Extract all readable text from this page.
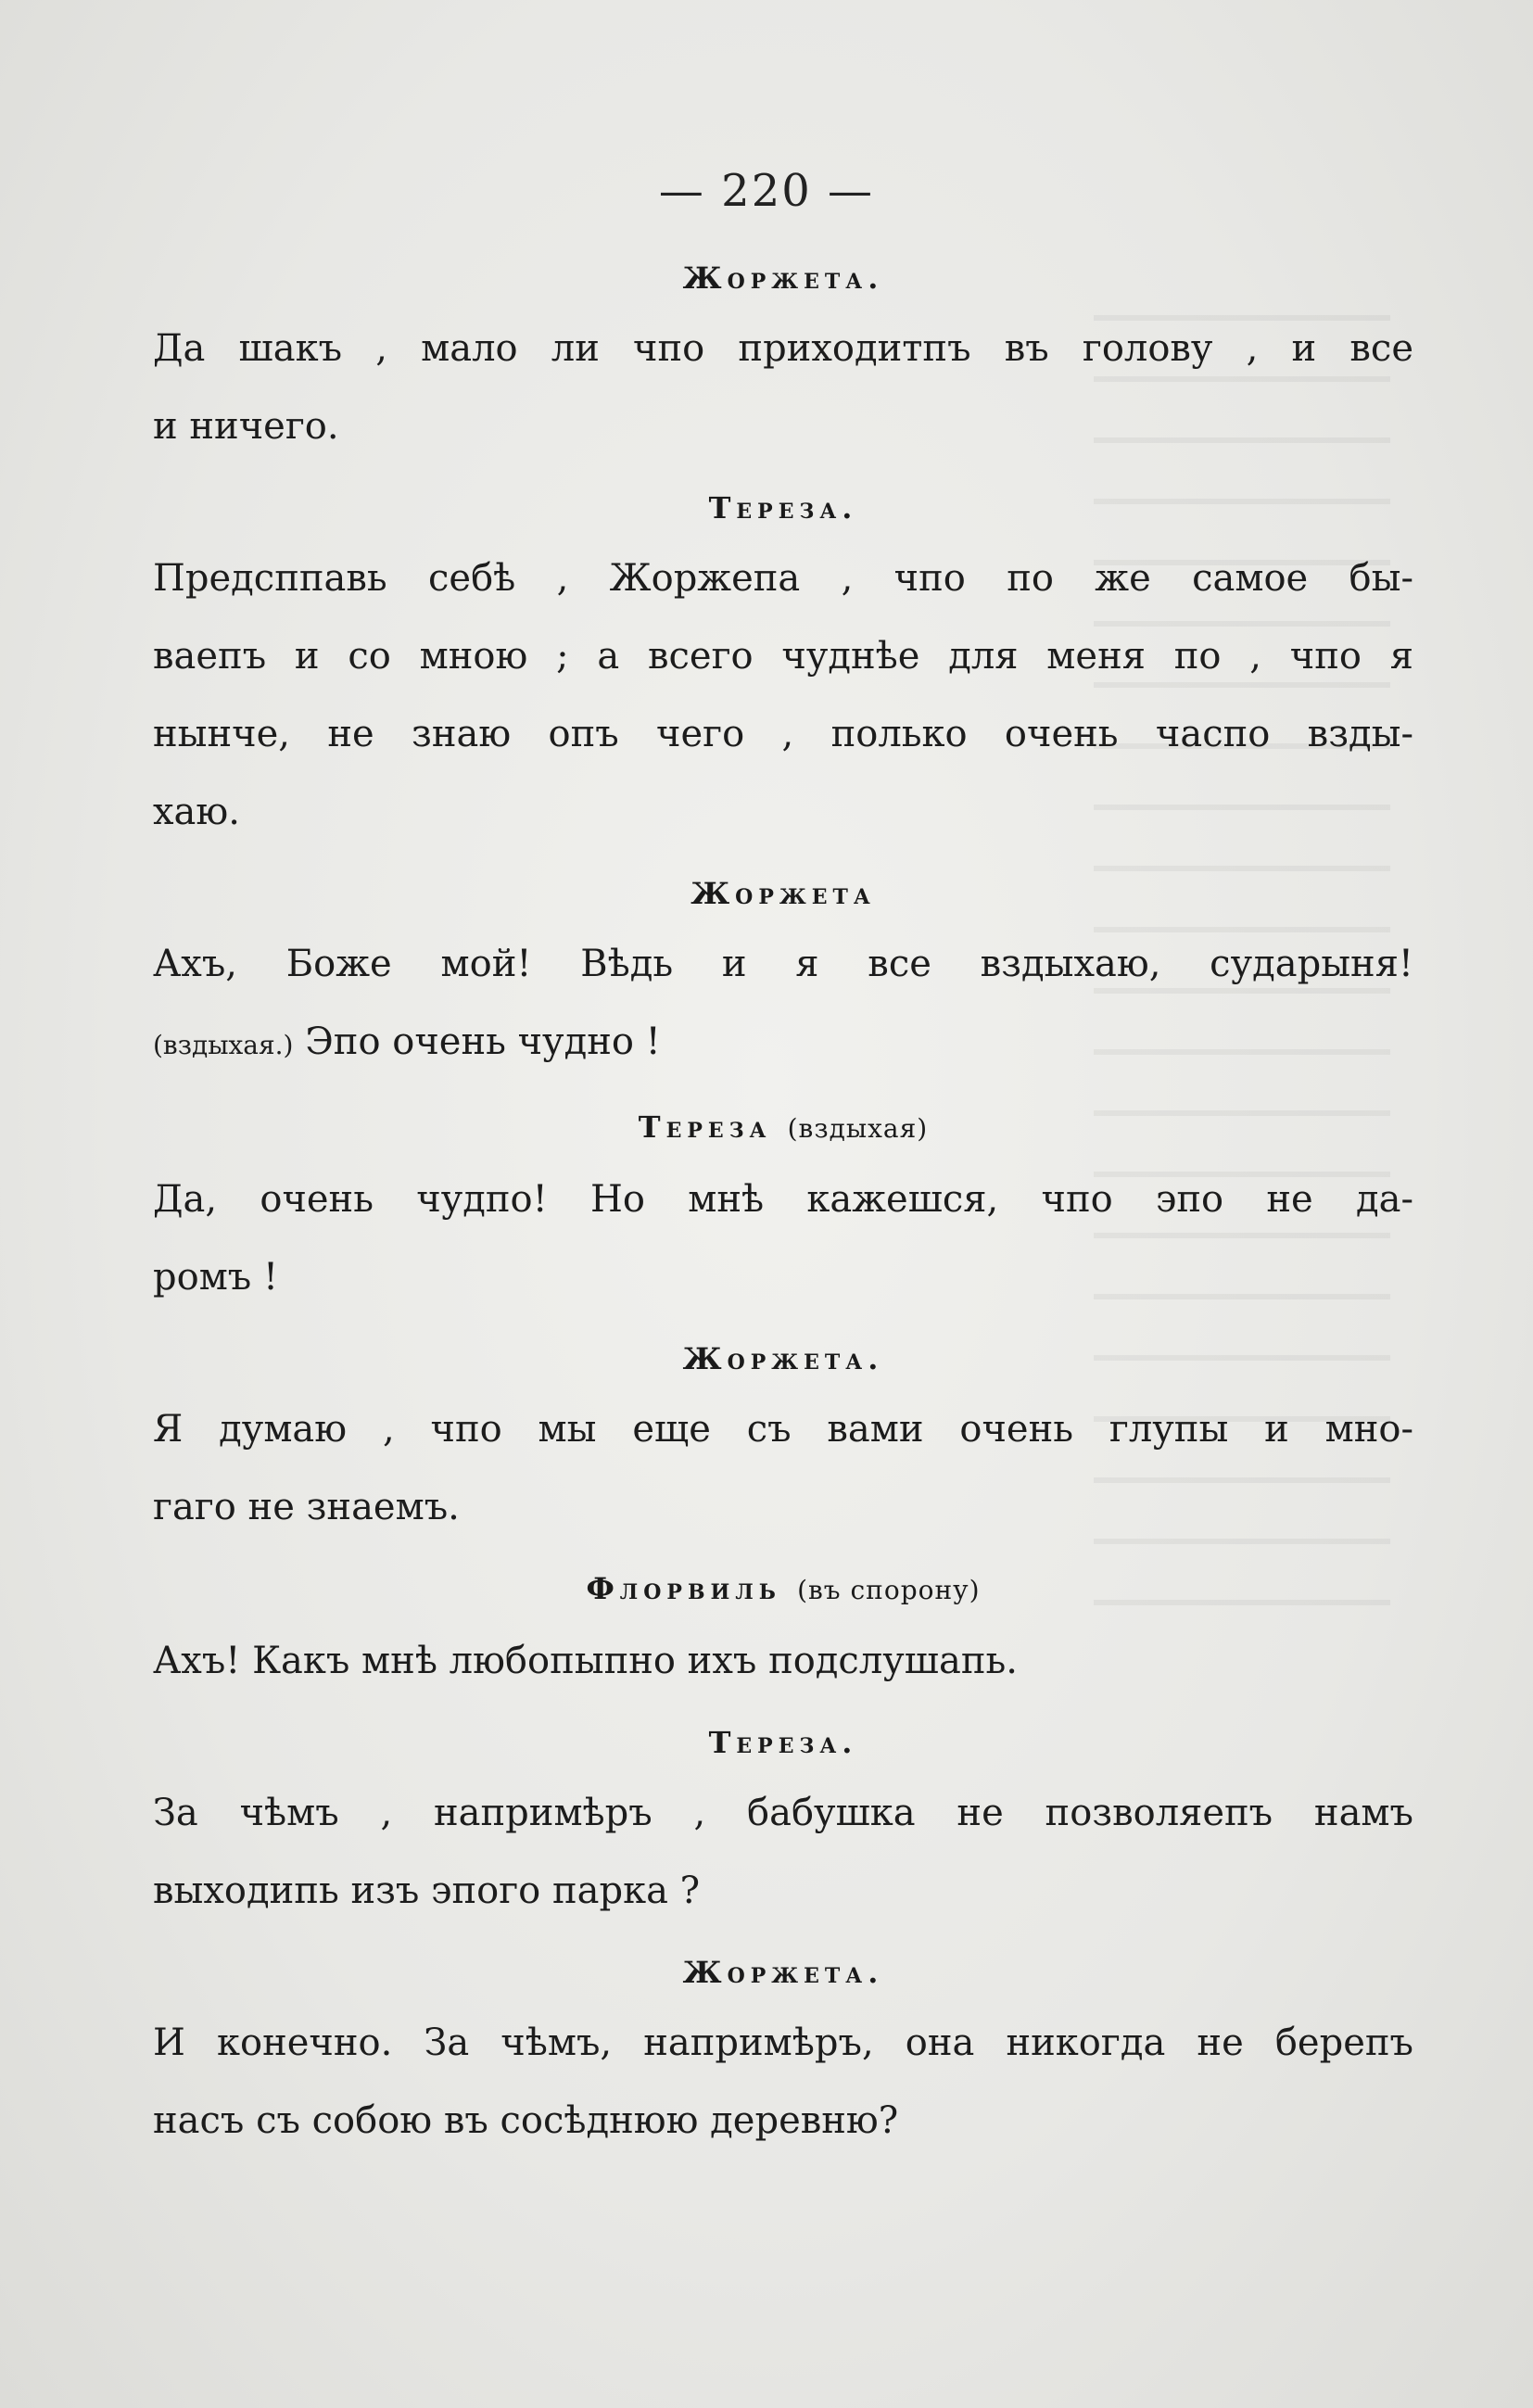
— 220 —

Жоржета.

Да шакъ , мало ли чпо приходитпъ въ голову , и все

и ничего.

Тереза.

Предсппавь себѣ , Жоржепа , чпо по же самое бы-

ваепъ и со мною ; а всего чуднѣе для меня по , чпо я

нынче, не знаю опъ чего , полько очень часпо взды-

хаю.

Жоржета

Ахъ, Боже мой! Вѣдь и я все вздыхаю, сударыня!

(вздыхая.) Эпо очень чудно !

Тереза (вздыхая)

Да, очень чудпо! Но мнѣ кажешся, чпо эпо не да-

ромъ !

Жоржета.

Я думаю , чпо мы еще съ вами очень глупы и мно-

гаго не знаемъ.

Флорвиль (въ спорону)

Ахъ! Какъ мнѣ любопыпно ихъ подслушапь.

Тереза.

За чѣмъ , напримѣръ , бабушка не позволяепъ намъ

выходипь изъ эпого парка ?

Жоржета.

И конечно. За чѣмъ, напримѣръ, она никогда не берепъ

насъ съ собою въ сосѣднюю деревню?
